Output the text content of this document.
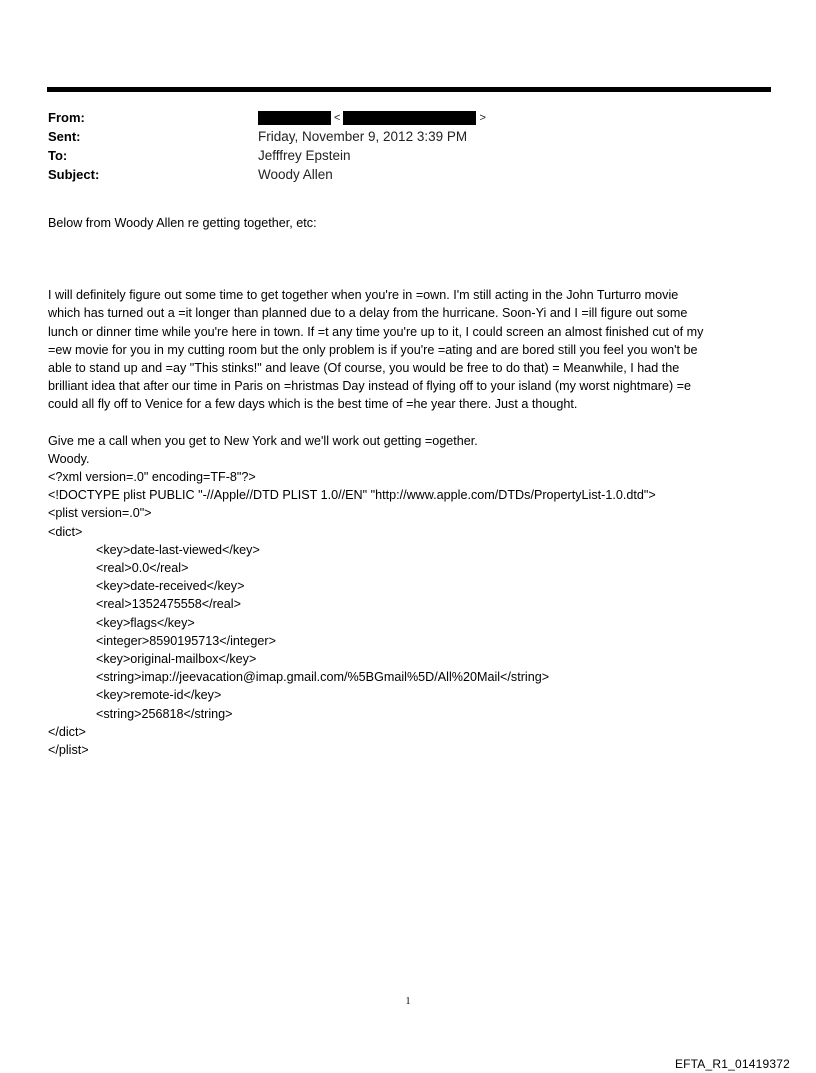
From:	<	>
Sent:	Friday, November 9, 2012 3:39 PM
To:	Jefffrey Epstein
Subject:	Woody Allen

Below from Woody Allen re getting together, etc:

I will definitely figure out some time to get together when you're in =own. I'm still acting in the John Turturro movie
which has turned out a =it longer than planned due to a delay from the hurricane. Soon-Yi and I =ill figure out some
lunch or dinner time while you're here in town. If =t any time you're up to it, I could screen an almost finished cut of my
=ew movie for you in my cutting room but the only problem is if you're =ating and are bored still you feel you won't be
able to stand up and =ay "This stinks!" and leave (Of course, you would be free to do that) = Meanwhile, I had the
brilliant idea that after our time in Paris on =hristmas Day instead of flying off to your island (my worst nightmare) =e
could all fly off to Venice for a few days which is the best time of =he year there. Just a thought.

Give me a call when you get to New York and we'll work out getting =ogether.
Woody.
<?xml version=.0" encoding=TF-8"?>
<!DOCTYPE plist PUBLIC "-//Apple//DTD PLIST 1.0//EN" "http://www.apple.com/DTDs/PropertyList-1.0.dtd">
<plist version=.0">
<dict>
<key>date-last-viewed</key>
<real>0.0</real>
<key>date-received</key>
<real>1352475558</real>
<key>flags</key>
<integer>8590195713</integer>
<key>original-mailbox</key>
<string>imap://jeevacation@imap.gmail.com/%5BGmail%5D/All%20Mail</string>
<key>remote-id</key>
<string>256818</string>
</dict>
</plist>
1
EFTA_R1_01419372
